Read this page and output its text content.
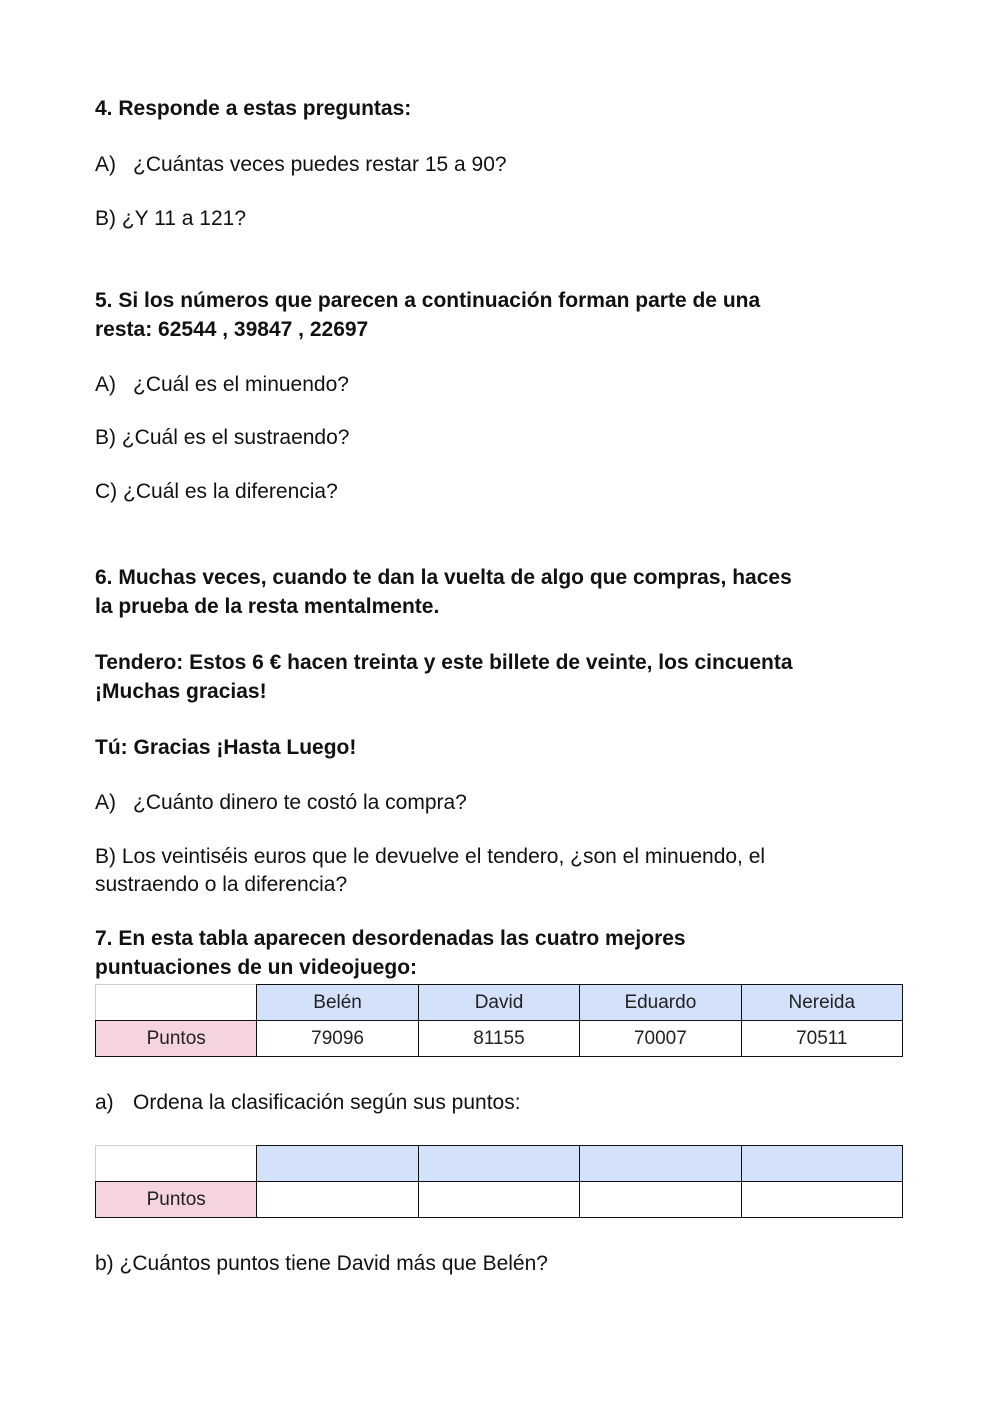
4. Responde a estas preguntas:
A) ¿Cuántas veces puedes restar 15 a 90?
B) ¿Y 11 a 121?
5. Si los números que parecen a continuación forman parte de una
resta: 62544 , 39847 , 22697
A) ¿Cuál es el minuendo?
B) ¿Cuál es el sustraendo?
C) ¿Cuál es la diferencia?
6. Muchas veces, cuando te dan la vuelta de algo que compras, haces
la prueba de la resta mentalmente.
Tendero: Estos 6 € hacen treinta y este billete de veinte, los cincuenta
¡Muchas gracias!
Tú: Gracias ¡Hasta Luego!
A) ¿Cuánto dinero te costó la compra?
B) Los veintiséis euros que le devuelve el tendero, ¿son el minuendo, el
sustraendo o la diferencia?
7. En esta tabla aparecen desordenadas las cuatro mejores
puntuaciones de un videojuego:
	Belén	David	Eduardo	Nereida
Puntos	79096	81155	70007	70511
a) Ordena la clasificación según sus puntos:

Puntos				
b) ¿Cuántos puntos tiene David más que Belén?
